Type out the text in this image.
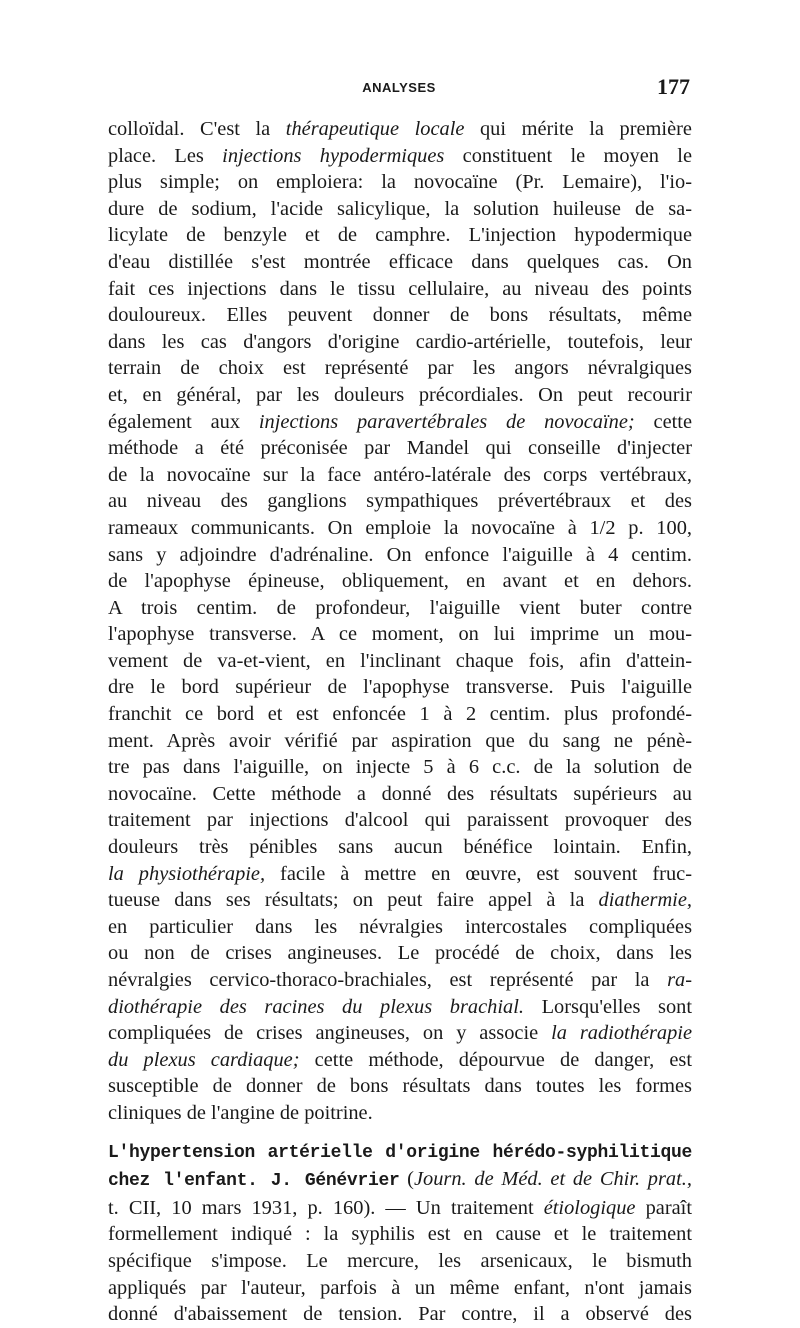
ANALYSES	177
colloïdal. C'est la thérapeutique locale qui mérite la première
place. Les injections hypodermiques constituent le moyen le
plus simple; on emploiera: la novocaïne (Pr. Lemaire), l'io-
dure de sodium, l'acide salicylique, la solution huileuse de sa-
licylate de benzyle et de camphre. L'injection hypodermique
d'eau distillée s'est montrée efficace dans quelques cas. On
fait ces injections dans le tissu cellulaire, au niveau des points
douloureux. Elles peuvent donner de bons résultats, même
dans les cas d'angors d'origine cardio-artérielle, toutefois, leur
terrain de choix est représenté par les angors névralgiques
et, en général, par les douleurs précordiales. On peut recourir
également aux injections paravertébrales de novocaïne; cette
méthode a été préconisée par Mandel qui conseille d'injecter
de la novocaïne sur la face antéro-latérale des corps vertébraux,
au niveau des ganglions sympathiques prévertébraux et des
rameaux communicants. On emploie la novocaïne à 1/2 p. 100,
sans y adjoindre d'adrénaline. On enfonce l'aiguille à 4 centim.
de l'apophyse épineuse, obliquement, en avant et en dehors.
A trois centim. de profondeur, l'aiguille vient buter contre
l'apophyse transverse. A ce moment, on lui imprime un mou-
vement de va-et-vient, en l'inclinant chaque fois, afin d'attein-
dre le bord supérieur de l'apophyse transverse. Puis l'aiguille
franchit ce bord et est enfoncée 1 à 2 centim. plus profondé-
ment. Après avoir vérifié par aspiration que du sang ne pénè-
tre pas dans l'aiguille, on injecte 5 à 6 c.c. de la solution de
novocaïne. Cette méthode a donné des résultats supérieurs au
traitement par injections d'alcool qui paraissent provoquer des
douleurs très pénibles sans aucun bénéfice lointain. Enfin,
la physiothérapie, facile à mettre en œuvre, est souvent fruc-
tueuse dans ses résultats; on peut faire appel à la diathermie,
en particulier dans les névralgies intercostales compliquées
ou non de crises angineuses. Le procédé de choix, dans les
névralgies cervico-thoraco-brachiales, est représenté par la ra-
diothérapie des racines du plexus brachial. Lorsqu'elles sont
compliquées de crises angineuses, on y associe la radiothérapie
du plexus cardiaque; cette méthode, dépourvue de danger, est
susceptible de donner de bons résultats dans toutes les formes
cliniques de l'angine de poitrine.
L'hypertension artérielle d'origine hérédo-syphilitique
chez l'enfant. J. Génévrier (Journ. de Méd. et de Chir. prat.,
t. CII, 10 mars 1931, p. 160). — Un traitement étiologique paraît
formellement indiqué : la syphilis est en cause et le traitement
spécifique s'impose. Le mercure, les arsenicaux, le bismuth
appliqués par l'auteur, parfois à un même enfant, n'ont jamais
donné d'abaissement de tension. Par contre, il a observé des
